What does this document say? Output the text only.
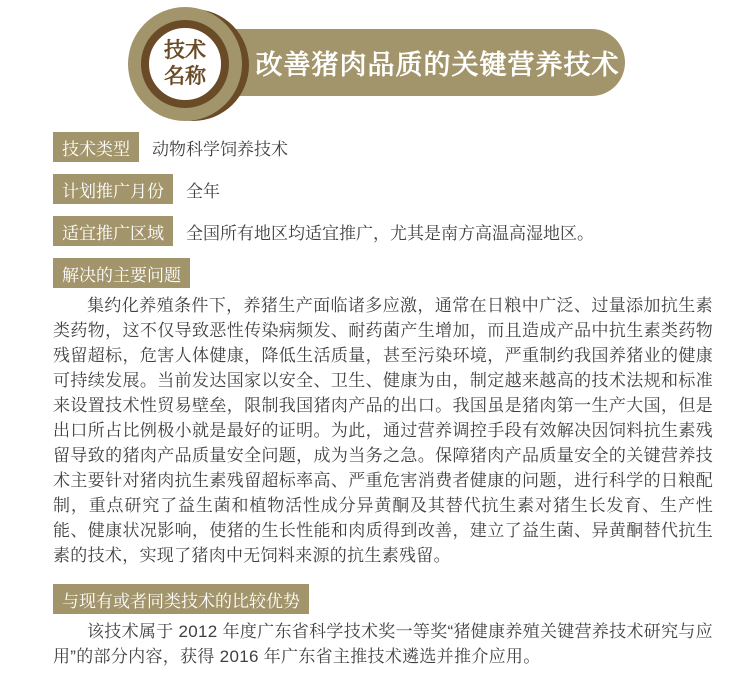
改善猪肉品质的关键营养技术
技术
名称
技术类型	动物科学饲养技术
计划推广月份	全年
适宜推广区域	全国所有地区均适宜推广，尤其是南方高温高湿地区。
解决的主要问题

集约化养殖条件下，养猪生产面临诸多应激，通常在日粮中广泛、过量添加抗生素类药物，这不仅导致恶性传染病频发、耐药菌产生增加，而且造成产品中抗生素类药物残留超标，危害人体健康，降低生活质量，甚至污染环境，严重制约我国养猪业的健康可持续发展。当前发达国家以安全、卫生、健康为由，制定越来越高的技术法规和标准来设置技术性贸易壁垒，限制我国猪肉产品的出口。我国虽是猪肉第一生产大国，但是出口所占比例极小就是最好的证明。为此，通过营养调控手段有效解决因饲料抗生素残留导致的猪肉产品质量安全问题，成为当务之急。保障猪肉产品质量安全的关键营养技术主要针对猪肉抗生素残留超标率高、严重危害消费者健康的问题，进行科学的日粮配制，重点研究了益生菌和植物活性成分异黄酮及其替代抗生素对猪生长发育、生产性能、健康状况影响，使猪的生长性能和肉质得到改善，建立了益生菌、异黄酮替代抗生素的技术，实现了猪肉中无饲料来源的抗生素残留。

与现有或者同类技术的比较优势

该技术属于 2012 年度广东省科学技术奖一等奖“猪健康养殖关键营养技术研究与应用”的部分内容，获得 2016 年广东省主推技术遴选并推介应用。
